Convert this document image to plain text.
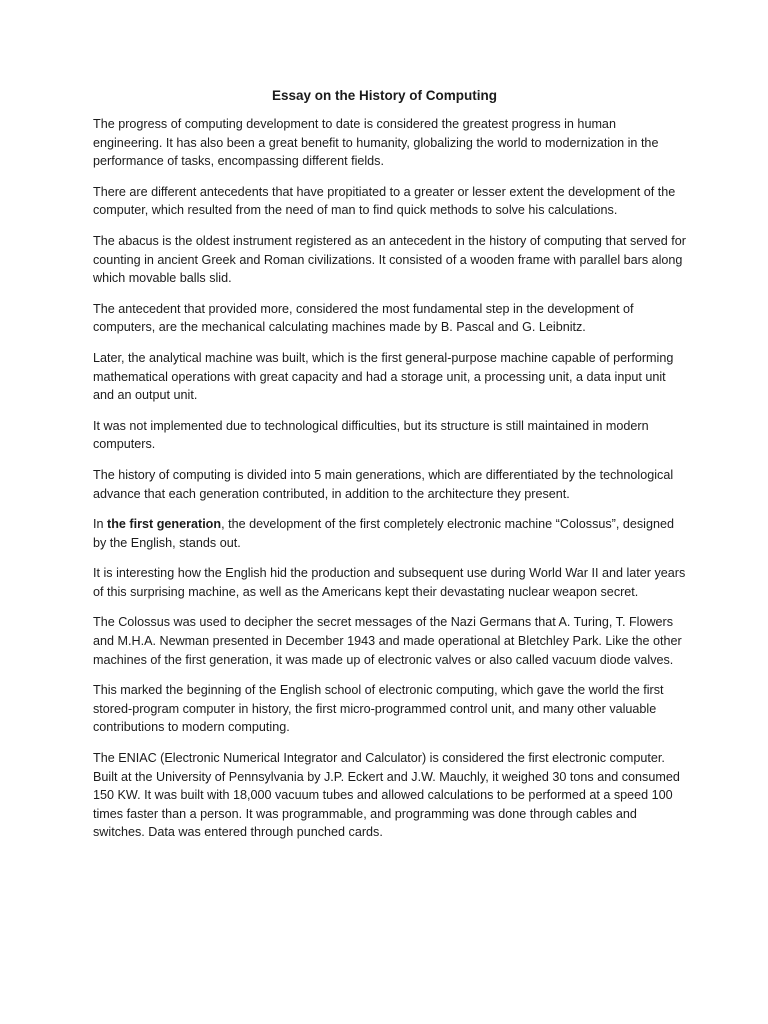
Essay on the History of Computing

The progress of computing development to date is considered the greatest progress in human engineering. It has also been a great benefit to humanity, globalizing the world to modernization in the performance of tasks, encompassing different fields.

There are different antecedents that have propitiated to a greater or lesser extent the development of the computer, which resulted from the need of man to find quick methods to solve his calculations.

The abacus is the oldest instrument registered as an antecedent in the history of computing that served for counting in ancient Greek and Roman civilizations. It consisted of a wooden frame with parallel bars along which movable balls slid.

The antecedent that provided more, considered the most fundamental step in the development of computers, are the mechanical calculating machines made by B. Pascal and G. Leibnitz.

Later, the analytical machine was built, which is the first general-purpose machine capable of performing mathematical operations with great capacity and had a storage unit, a processing unit, a data input unit and an output unit.

It was not implemented due to technological difficulties, but its structure is still maintained in modern computers.

The history of computing is divided into 5 main generations, which are differentiated by the technological advance that each generation contributed, in addition to the architecture they present.

In the first generation, the development of the first completely electronic machine “Colossus”, designed by the English, stands out.

It is interesting how the English hid the production and subsequent use during World War II and later years of this surprising machine, as well as the Americans kept their devastating nuclear weapon secret.

The Colossus was used to decipher the secret messages of the Nazi Germans that A. Turing, T. Flowers and M.H.A. Newman presented in December 1943 and made operational at Bletchley Park. Like the other machines of the first generation, it was made up of electronic valves or also called vacuum diode valves.

This marked the beginning of the English school of electronic computing, which gave the world the first stored-program computer in history, the first micro-programmed control unit, and many other valuable contributions to modern computing.

The ENIAC (Electronic Numerical Integrator and Calculator) is considered the first electronic computer. Built at the University of Pennsylvania by J.P. Eckert and J.W. Mauchly, it weighed 30 tons and consumed 150 KW. It was built with 18,000 vacuum tubes and allowed calculations to be performed at a speed 100 times faster than a person. It was programmable, and programming was done through cables and switches. Data was entered through punched cards.
